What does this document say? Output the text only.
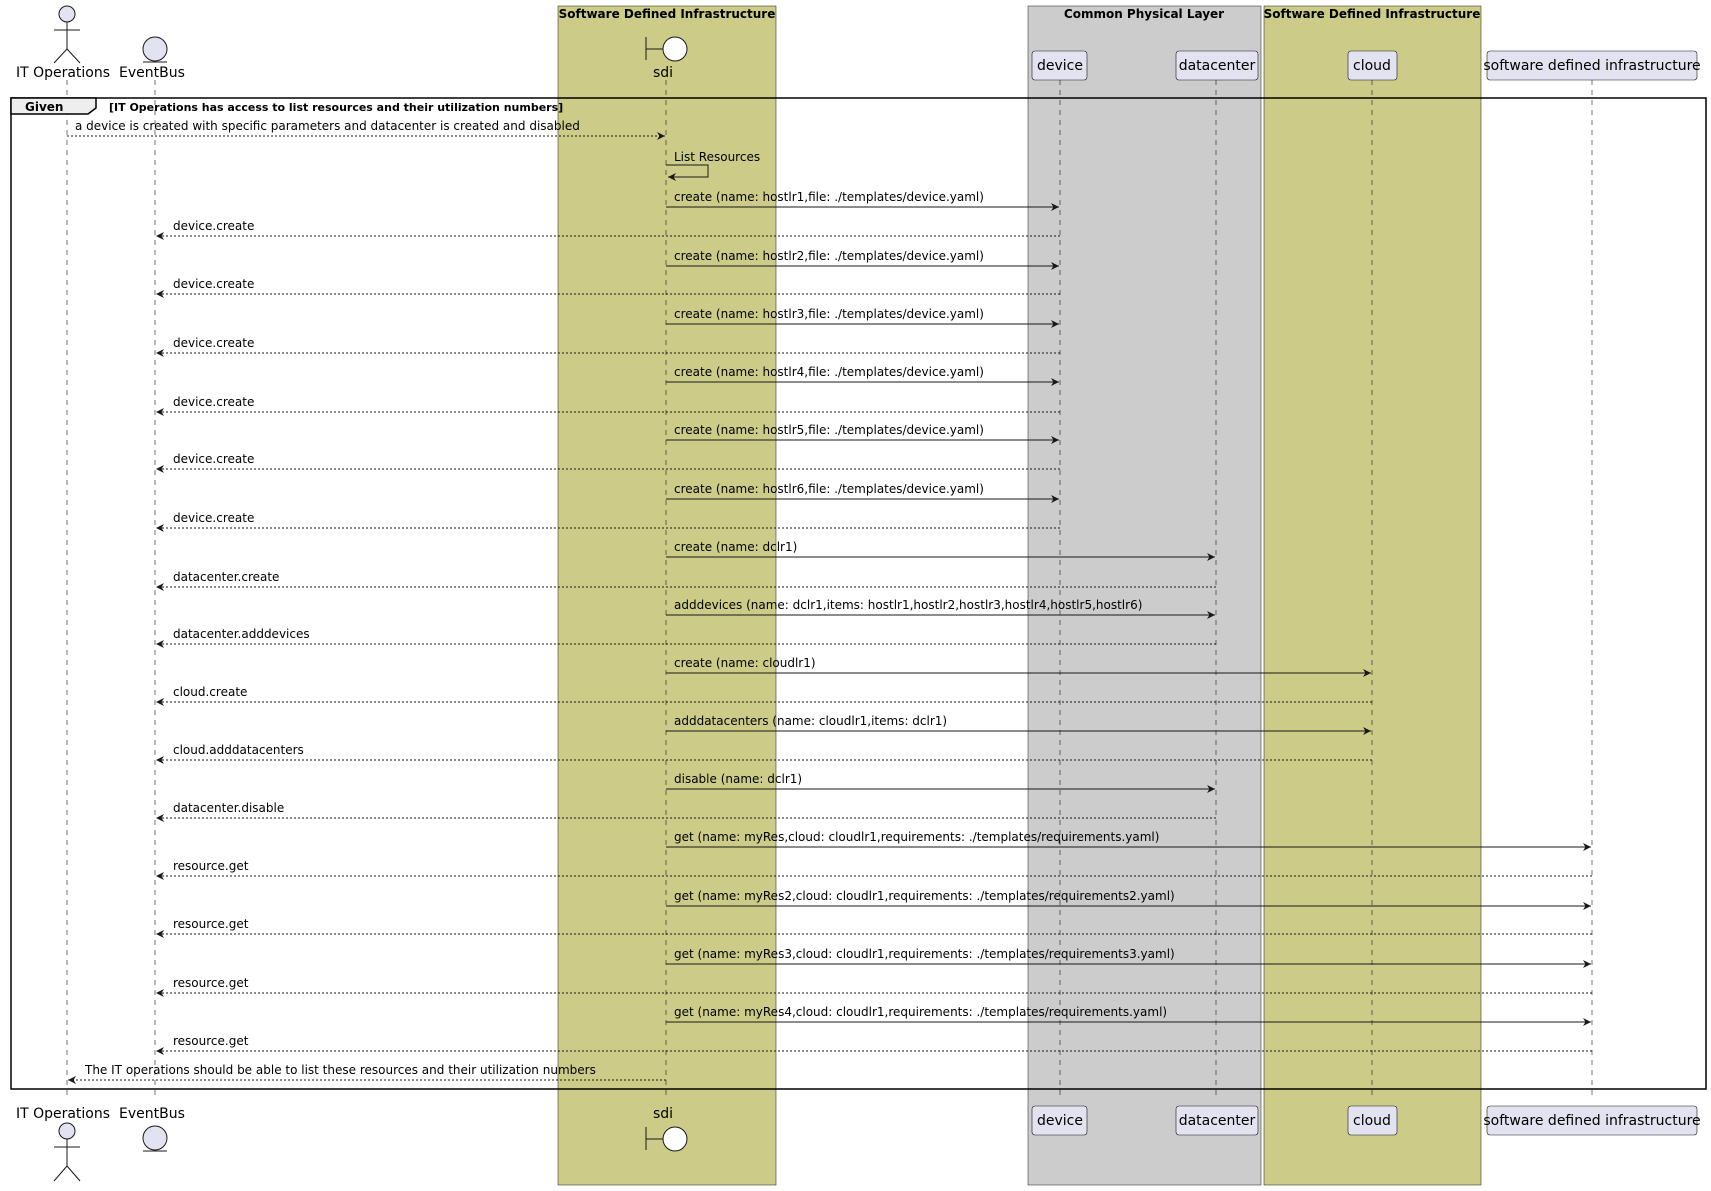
Software Defined Infrastructure	Common Physical Layer	Software Defined Infrastructure
IT Operations EventBus	sdi	device	datacenter	cloud	software defined infrastructure
IT Operations EventBus	sdi	device	datacenter	cloud	software defined infrastructure
Given	[IT Operations has access to list resources and their utilization numbers]
a device is created with specific parameters and datacenter is created and disabled
List Resources
create (name: hostlr1,file: ./templates/device.yaml)
device.create
create (name: hostlr2,file: ./templates/device.yaml)
device.create
create (name: hostlr3,file: ./templates/device.yaml)
device.create
create (name: hostlr4,file: ./templates/device.yaml)
device.create
create (name: hostlr5,file: ./templates/device.yaml)
device.create
create (name: hostlr6,file: ./templates/device.yaml)
device.create
create (name: dclr1)
datacenter.create
adddevices (name: dclr1,items: hostlr1,hostlr2,hostlr3,hostlr4,hostlr5,hostlr6)
datacenter.adddevices
create (name: cloudlr1)
cloud.create
adddatacenters (name: cloudlr1,items: dclr1)
cloud.adddatacenters
disable (name: dclr1)
datacenter.disable
get (name: myRes,cloud: cloudlr1,requirements: ./templates/requirements.yaml)
resource.get
get (name: myRes2,cloud: cloudlr1,requirements: ./templates/requirements2.yaml)
resource.get
get (name: myRes3,cloud: cloudlr1,requirements: ./templates/requirements3.yaml)
resource.get
get (name: myRes4,cloud: cloudlr1,requirements: ./templates/requirements.yaml)
resource.get
The IT operations should be able to list these resources and their utilization numbers
